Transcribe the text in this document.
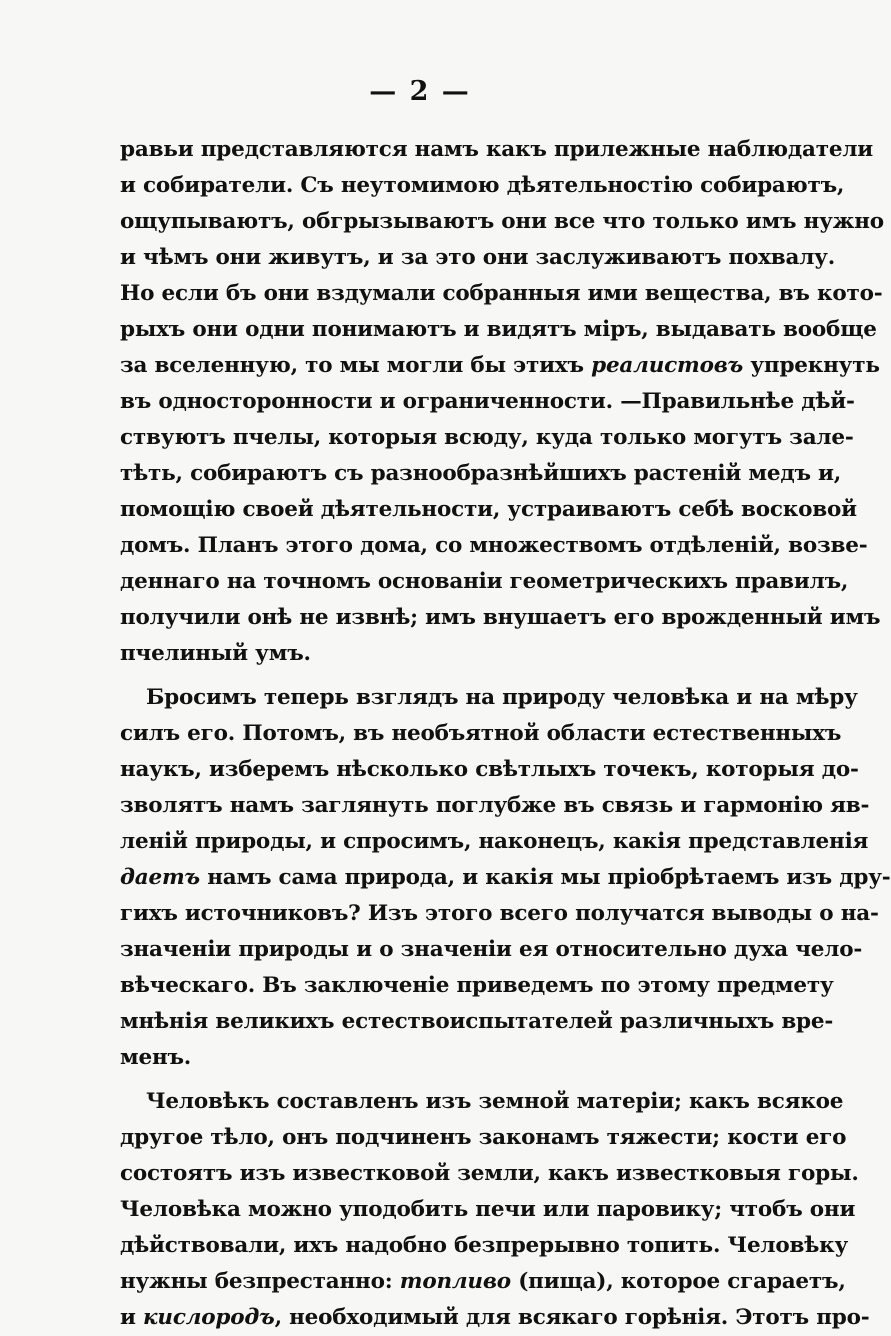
— 2 —
равьи представляются намъ какъ прилежные наблюдатели
и собиратели. Съ неутомимою дѣятельностію собираютъ,
ощупываютъ, обгрызываютъ они все что только имъ нужно
и чѣмъ они живутъ, и за это они заслуживаютъ похвалу.
Но если бъ они вздумали собранныя ими вещества, въ кото-
рыхъ они одни понимаютъ и видятъ міръ, выдавать вообще
за вселенную, то мы могли бы этихъ реалистовъ упрекнуть
въ односторонности и ограниченности. —Правильнѣе дѣй-
ствуютъ пчелы, которыя всюду, куда только могутъ зале-
тѣть, собираютъ съ разнообразнѣйшихъ растеній медъ и,
помощію своей дѣятельности, устраиваютъ себѣ восковой
домъ. Планъ этого дома, со множествомъ отдѣленій, возве-
деннаго на точномъ основаніи геометрическихъ правилъ,
получили онѣ не извнѣ; имъ внушаетъ его врожденный имъ
пчелиный умъ.
Бросимъ теперь взглядъ на природу человѣка и на мѣру
силъ его. Потомъ, въ необъятной области естественныхъ
наукъ, изберемъ нѣсколько свѣтлыхъ точекъ, которыя до-
зволятъ намъ заглянуть поглубже въ связь и гармонію яв-
леній природы, и спросимъ, наконецъ, какія представленія
даетъ намъ сама природа, и какія мы пріобрѣтаемъ изъ дру-
гихъ источниковъ? Изъ этого всего получатся выводы о на-
значеніи природы и о значеніи ея относительно духа чело-
вѣческаго. Въ заключеніе приведемъ по этому предмету
мнѣнія великихъ естествоиспытателей различныхъ вре-
менъ.
Человѣкъ составленъ изъ земной матеріи; какъ всякое
другое тѣло, онъ подчиненъ законамъ тяжести; кости его
состоятъ изъ известковой земли, какъ известковыя горы.
Человѣка можно уподобить печи или паровику; чтобъ они
дѣйствовали, ихъ надобно безпрерывно топить. Человѣку
нужны безпрестанно: топливо (пища), которое сгараетъ,
и кислородъ, необходимый для всякаго горѣнія. Этотъ про-
